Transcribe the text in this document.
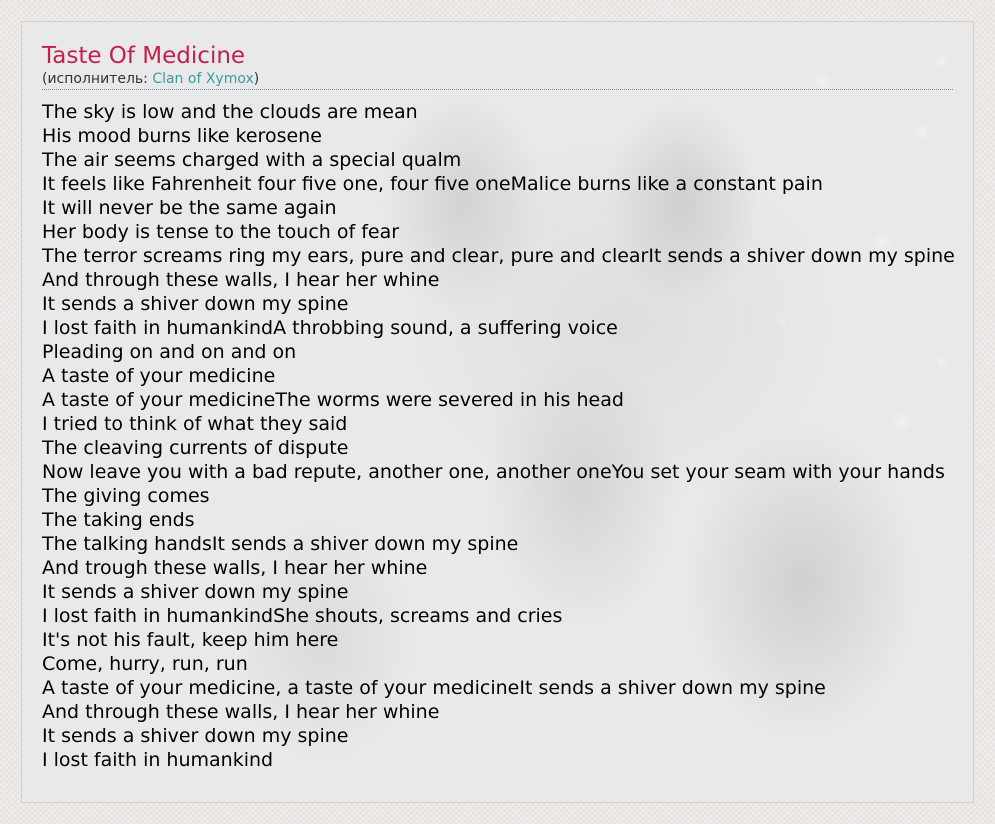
Taste Of Medicine
(исполнитель: Clan of Xymox)
The sky is low and the clouds are mean
His mood burns like kerosene
The air seems charged with a special qualm
It feels like Fahrenheit four five one, four five oneMalice burns like a constant pain
It will never be the same again
Her body is tense to the touch of fear
The terror screams ring my ears, pure and clear, pure and clearIt sends a shiver down my spine
And through these walls, I hear her whine
It sends a shiver down my spine
I lost faith in humankindA throbbing sound, a suffering voice
Pleading on and on and on
A taste of your medicine
A taste of your medicineThe worms were severed in his head
I tried to think of what they said
The cleaving currents of dispute
Now leave you with a bad repute, another one, another oneYou set your seam with your hands
The giving comes
The taking ends
The talking handsIt sends a shiver down my spine
And trough these walls, I hear her whine
It sends a shiver down my spine
I lost faith in humankindShe shouts, screams and cries
It's not his fault, keep him here
Come, hurry, run, run
A taste of your medicine, a taste of your medicineIt sends a shiver down my spine
And through these walls, I hear her whine
It sends a shiver down my spine
I lost faith in humankind
